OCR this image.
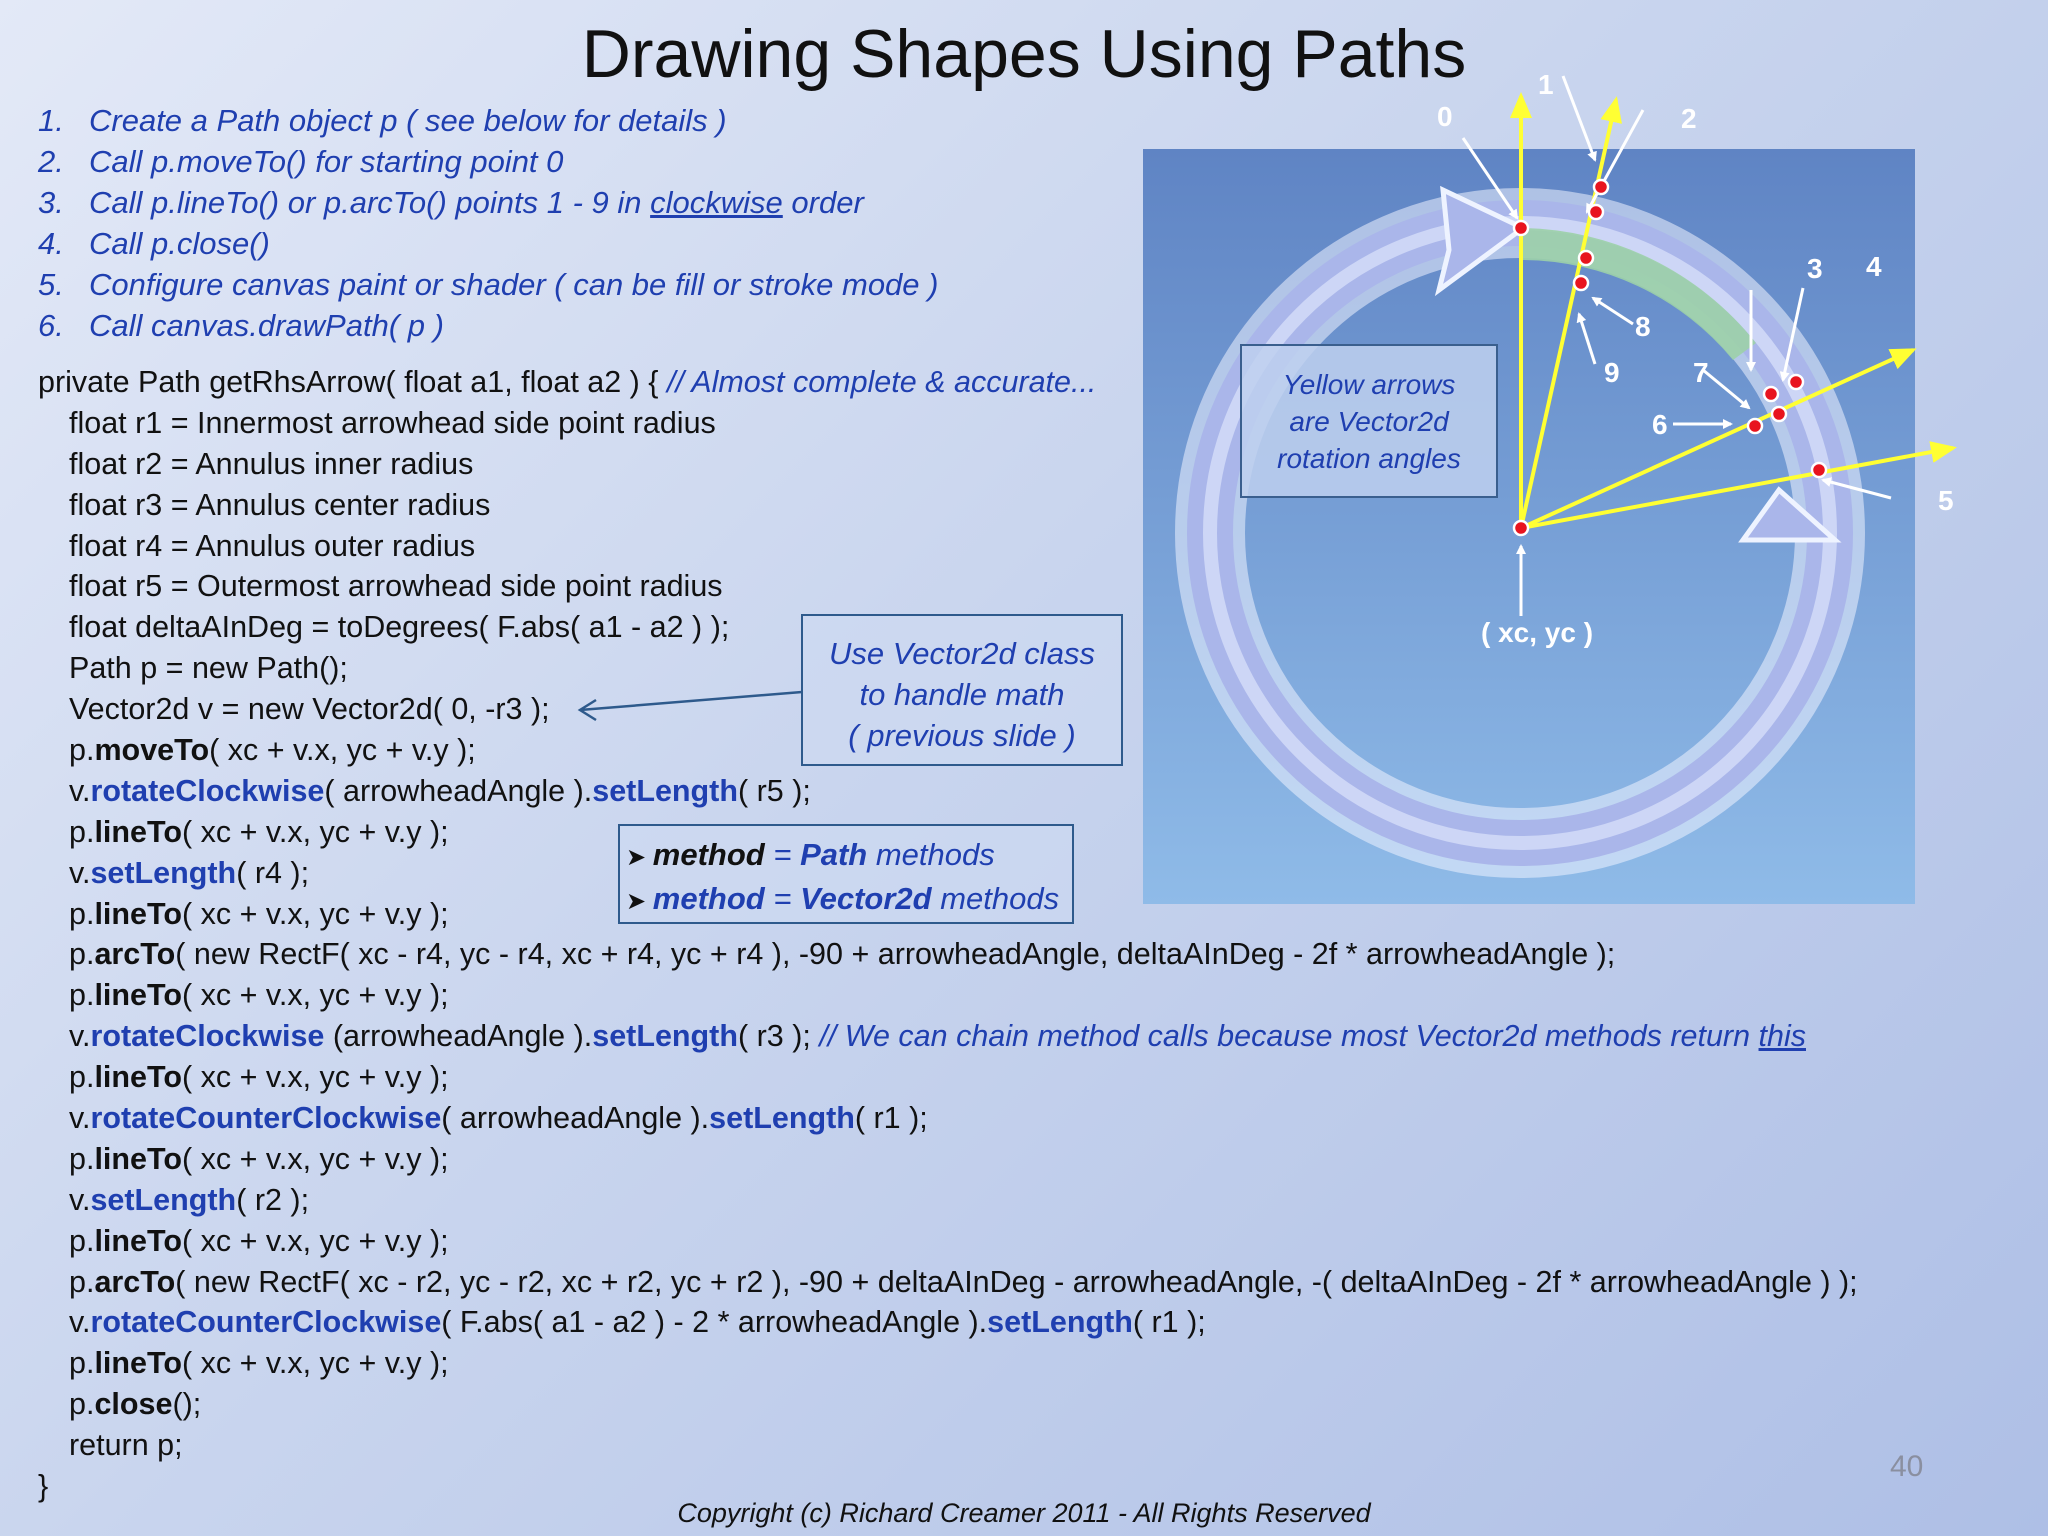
Drawing Shapes Using Paths
1. Create a Path object p ( see below for details )
2. Call p.moveTo() for starting point 0
3. Call p.lineTo() or p.arcTo() points 1 - 9 in clockwise order
4. Call p.close()
5. Configure canvas paint or shader ( can be fill or stroke mode )
6. Call canvas.drawPath( p )
private Path getRhsArrow( float a1, float a2 ) { // Almost complete & accurate...
float r1 = Innermost arrowhead side point radius
float r2 = Annulus inner radius
float r3 = Annulus center radius
float r4 = Annulus outer radius
float r5 = Outermost arrowhead side point radius
float deltaAInDeg = toDegrees( F.abs( a1 - a2 ) );
Path p = new Path();
Vector2d v = new Vector2d( 0, -r3 );
p.moveTo( xc + v.x, yc + v.y );
v.rotateClockwise( arrowheadAngle ).setLength( r5 );
p.lineTo( xc + v.x, yc + v.y );
v.setLength( r4 );
p.lineTo( xc + v.x, yc + v.y );
p.arcTo( new RectF( xc - r4, yc - r4, xc + r4, yc + r4 ), -90 + arrowheadAngle, deltaAInDeg - 2f * arrowheadAngle );
p.lineTo( xc + v.x, yc + v.y );
v.rotateClockwise (arrowheadAngle ).setLength( r3 ); // We can chain method calls because most Vector2d methods return this
p.lineTo( xc + v.x, yc + v.y );
v.rotateCounterClockwise( arrowheadAngle ).setLength( r1 );
p.lineTo( xc + v.x, yc + v.y );
v.setLength( r2 );
p.lineTo( xc + v.x, yc + v.y );
p.arcTo( new RectF( xc - r2, yc - r2, xc + r2, yc + r2 ), -90 + deltaAInDeg - arrowheadAngle, -( deltaAInDeg - 2f * arrowheadAngle ) );
v.rotateCounterClockwise( F.abs( a1 - a2 ) - 2 * arrowheadAngle ).setLength( r1 );
p.lineTo( xc + v.x, yc + v.y );
p.close();
return p;
}
Use Vector2d class
to handle math
( previous slide )
➤ method = Path methods
➤ method = Vector2d methods
0
1
2
3 4
5
6
7
8
9
( xc, yc )
Yellow arrows
are Vector2d
rotation angles
40
Copyright (c) Richard Creamer 2011 - All Rights Reserved
